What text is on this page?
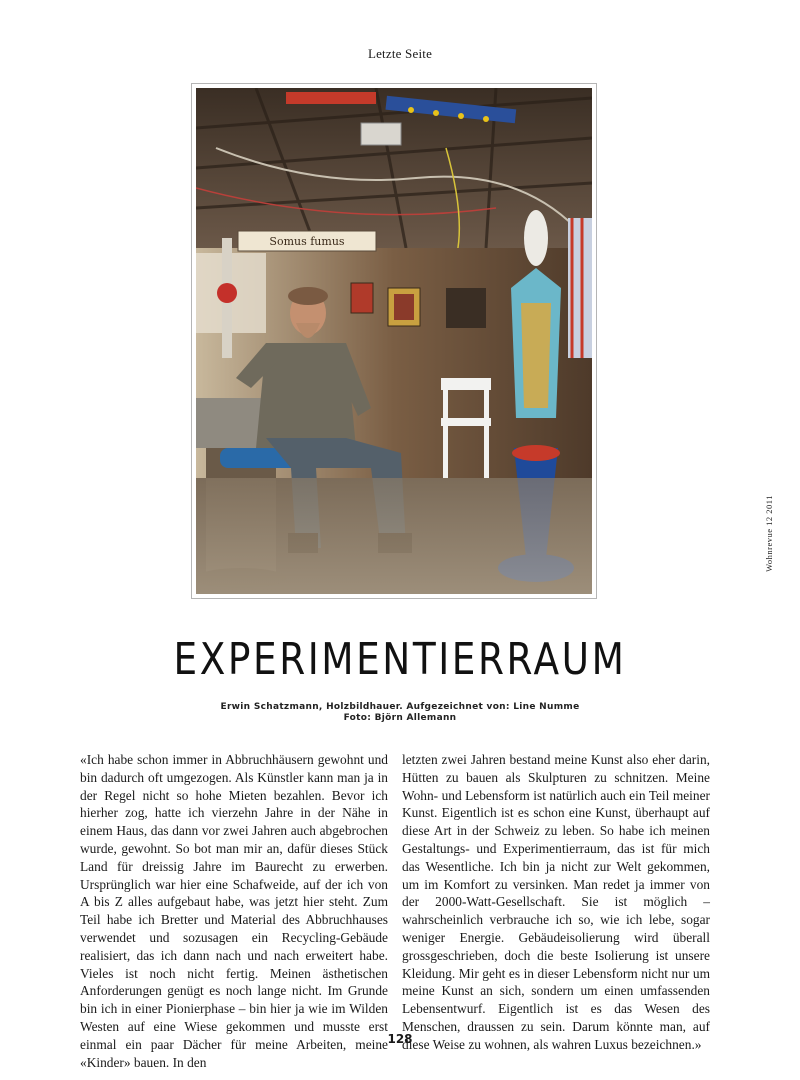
Letzte Seite
Somus fumus
Wohnrevue 12 2011
EXPERIMENTIERRAUM
Erwin Schatzmann, Holzbildhauer. Aufgezeichnet von: Line Numme
Foto: Björn Allemann
«Ich habe schon immer in Abbruchhäusern gewohnt und bin dadurch oft umgezogen. Als Künstler kann man ja in der Regel nicht so hohe Mieten bezahlen. Bevor ich hierher zog, hatte ich vierzehn Jahre in der Nähe in einem Haus, das dann vor zwei Jahren auch abgebrochen wurde, gewohnt. So bot man mir an, dafür dieses Stück Land für dreissig Jahre im Baurecht zu erwerben. Ursprünglich war hier eine Schafweide, auf der ich von A bis Z alles aufgebaut habe, was jetzt hier steht. Zum Teil habe ich Bretter und Material des Abbruchhauses verwendet und sozusagen ein Recycling-Gebäude realisiert, das ich dann nach und nach erweitert habe. Vieles ist noch nicht fertig. Meinen ästhetischen Anforderungen genügt es noch lange nicht. Im Grunde bin ich in einer Pionierphase – bin hier ja wie im Wilden Westen auf eine Wiese gekommen und musste erst einmal ein paar Dächer für meine Arbeiten, meine «Kinder» bauen. In den
letzten zwei Jahren bestand meine Kunst also eher darin, Hütten zu bauen als Skulpturen zu schnitzen. Meine Wohn- und Lebensform ist natürlich auch ein Teil meiner Kunst. Eigentlich ist es schon eine Kunst, überhaupt auf diese Art in der Schweiz zu leben. So habe ich meinen Gestaltungs- und Experimentierraum, das ist für mich das Wesentliche. Ich bin ja nicht zur Welt gekommen, um im Komfort zu versinken. Man redet ja immer von der 2000-Watt-Gesellschaft. Sie ist möglich – wahrscheinlich verbrauche ich so, wie ich lebe, sogar weniger Energie. Gebäudeisolierung wird überall grossgeschrieben, doch die beste Isolierung ist unsere Kleidung. Mir geht es in dieser Lebensform nicht nur um meine Kunst an sich, sondern um einen umfassenden Lebensentwurf. Eigentlich ist es das Wesen des Menschen, draussen zu sein. Darum könnte man, auf diese Weise zu wohnen, als wahren Luxus bezeichnen.»
128
